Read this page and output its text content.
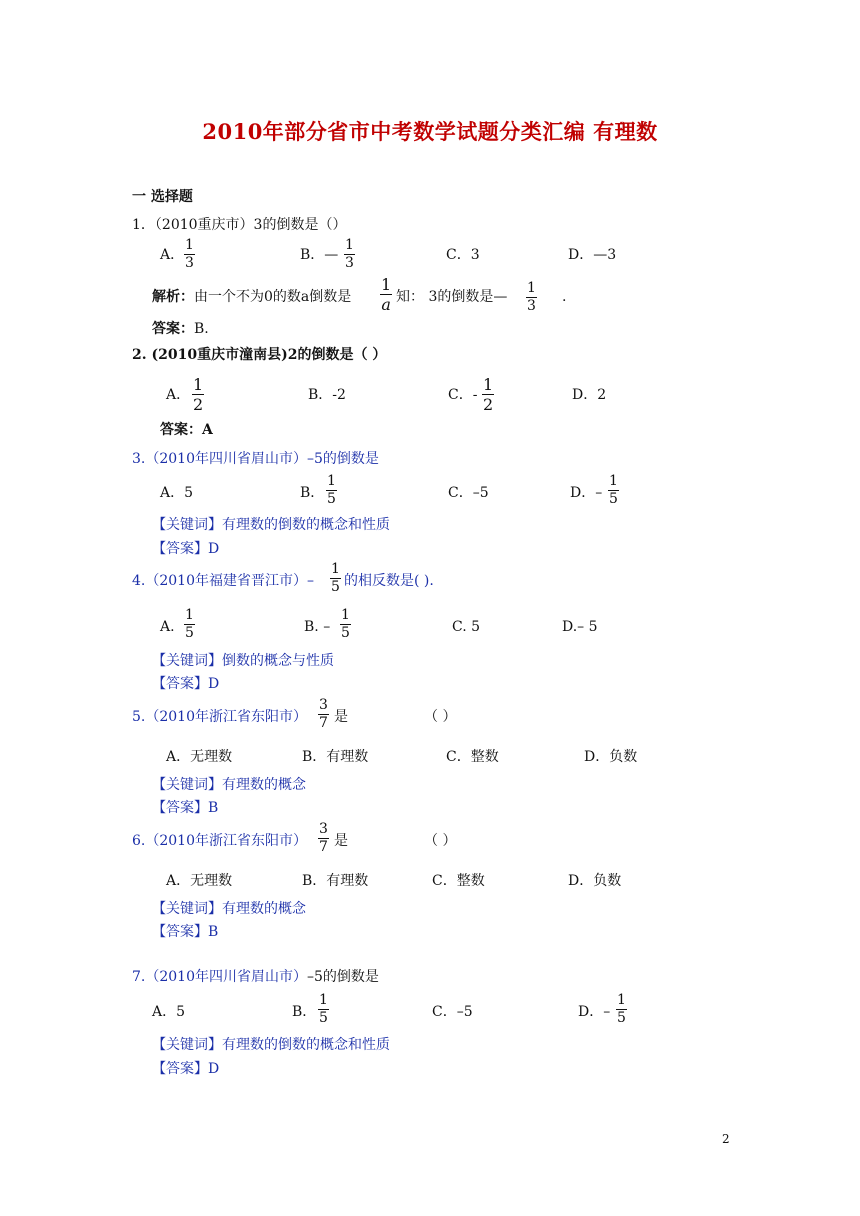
2010年部分省市中考数学试题分类汇编 有理数
一 选择题
1．（2010重庆市）3的倒数是（）
A．
1
3	B．—
1
3	C．3	D．—3
解析：由一个不为0的数a倒数是
1
a 知： 3的倒数是—
1
3
.
答案：B.
2. (2010重庆市潼南县)2的倒数是（ ）
A．
1
2	B．-2	C．-
1
2	D．2
答案：A
3.（2010年四川省眉山市）–5的倒数是
A．5	B．
1
5	C．–5	D．–
1
5
【关键词】有理数的倒数的概念和性质
【答案】D
4.（2010年福建省晋江市）–
1
5 的相反数是( ).
A.
1
5	B. –
1
5	C. 5	D.– 5
【关键词】倒数的概念与性质
【答案】D
5.（2010年浙江省东阳市）
3
7 是	（ ）
A．无理数	B．有理数	C．整数	D．负数
【关键词】有理数的概念
【答案】B
6.（2010年浙江省东阳市）
3
7 是	（ ）
A．无理数	B．有理数	C．整数	D．负数
【关键词】有理数的概念
【答案】B
7.（2010年四川省眉山市）–5的倒数是
A．5	B．
1
5	C．–5	D．–
1
5
【关键词】有理数的倒数的概念和性质
【答案】D
2
